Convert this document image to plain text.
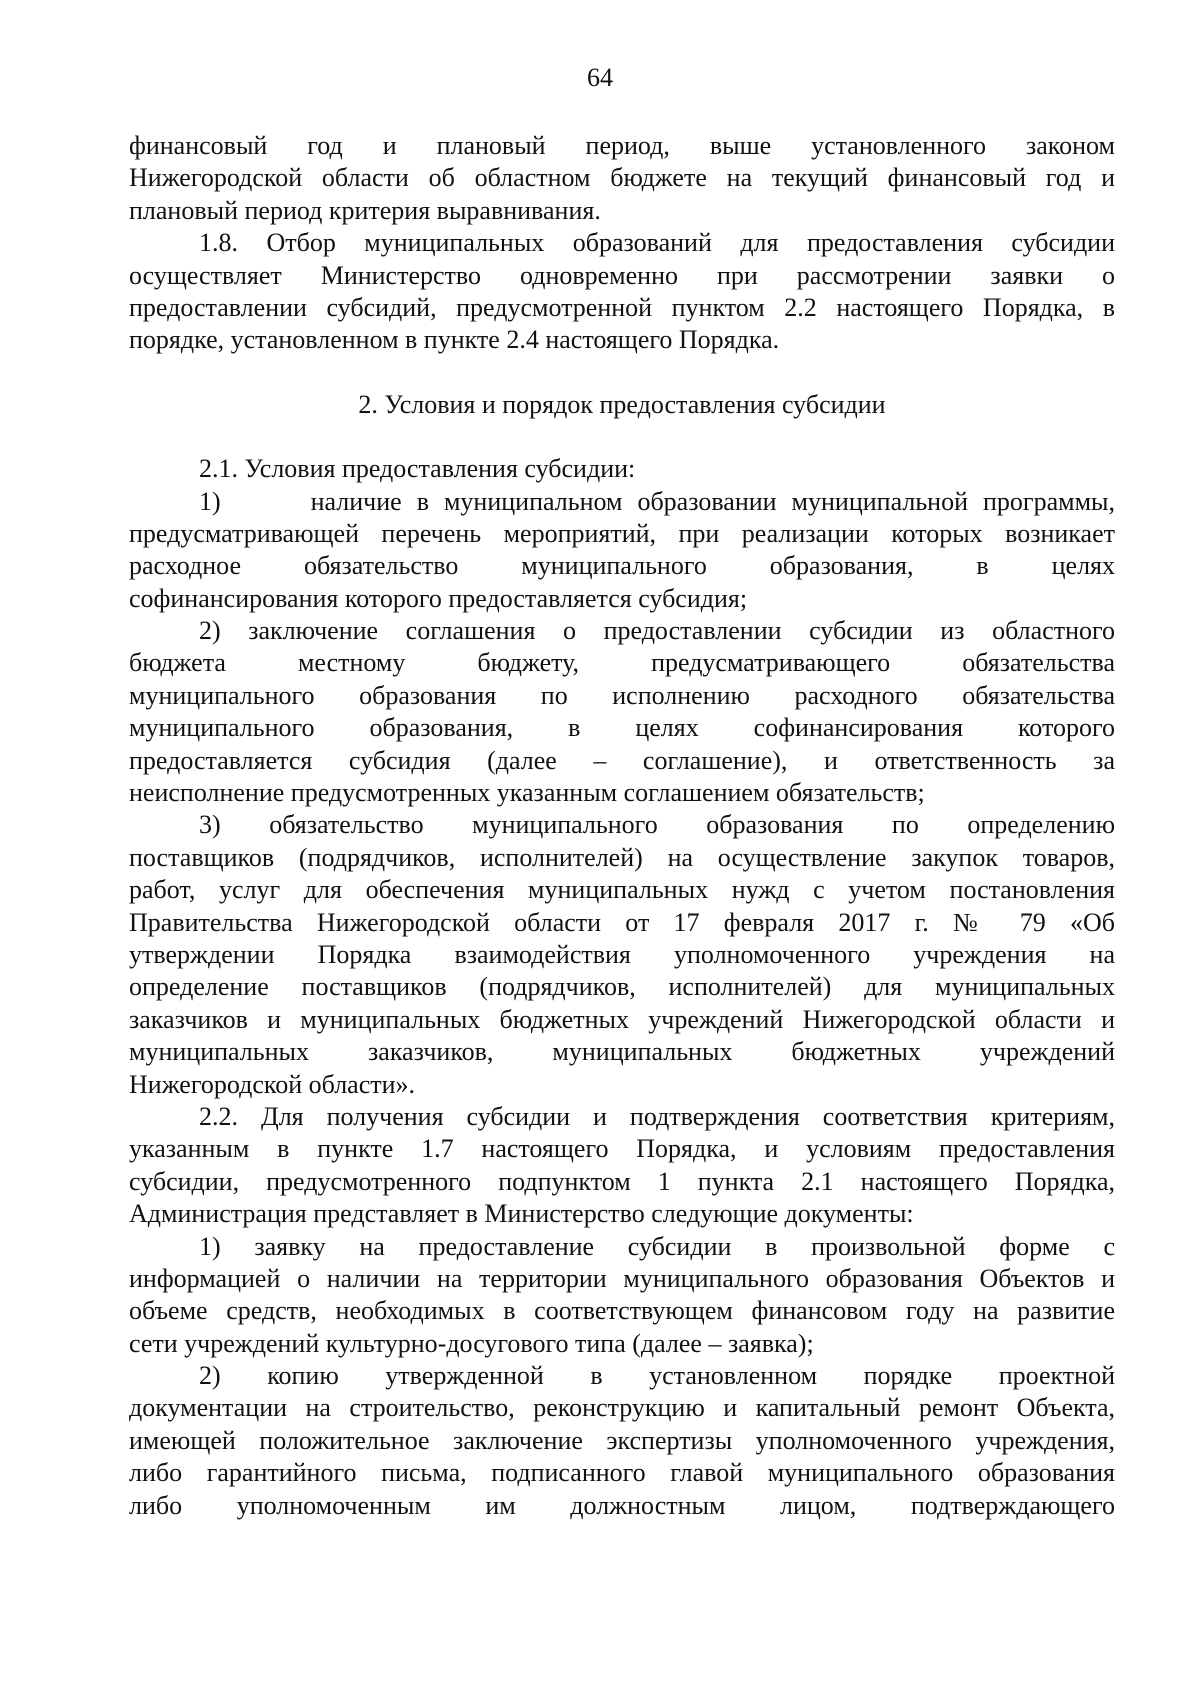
64
финансовый год и плановый период, выше установленного законом
Нижегородской области об областном бюджете на текущий финансовый год и
плановый период критерия выравнивания.
1.8. Отбор муниципальных образований для предоставления субсидии
осуществляет Министерство одновременно при рассмотрении заявки о
предоставлении субсидий, предусмотренной пунктом 2.2 настоящего Порядка, в
порядке, установленном в пункте 2.4 настоящего Порядка.
2. Условия и порядок предоставления субсидии
2.1. Условия предоставления субсидии:
1)      наличие в муниципальном образовании муниципальной программы,
предусматривающей перечень мероприятий, при реализации которых возникает
расходное обязательство муниципального образования, в целях
софинансирования которого предоставляется субсидия;
2) заключение соглашения о предоставлении субсидии из областного
бюджета местному бюджету, предусматривающего обязательства
муниципального образования по исполнению расходного обязательства
муниципального образования, в целях софинансирования которого
предоставляется субсидия (далее – соглашение), и ответственность за
неисполнение предусмотренных указанным соглашением обязательств;
3) обязательство муниципального образования по определению
поставщиков (подрядчиков, исполнителей) на осуществление закупок товаров,
работ, услуг для обеспечения муниципальных нужд с учетом постановления
Правительства Нижегородской области от 17 февраля 2017 г. № 79 «Об
утверждении Порядка взаимодействия уполномоченного учреждения на
определение поставщиков (подрядчиков, исполнителей) для муниципальных
заказчиков и муниципальных бюджетных учреждений Нижегородской области и
муниципальных заказчиков, муниципальных бюджетных учреждений
Нижегородской области».
2.2. Для получения субсидии и подтверждения соответствия критериям,
указанным в пункте 1.7 настоящего Порядка, и условиям предоставления
субсидии, предусмотренного подпунктом 1 пункта 2.1 настоящего Порядка,
Администрация представляет в Министерство следующие документы:
1) заявку на предоставление субсидии в произвольной форме с
информацией о наличии на территории муниципального образования Объектов и
объеме средств, необходимых в соответствующем финансовом году на развитие
сети учреждений культурно-досугового типа (далее – заявка);
2) копию утвержденной в установленном порядке проектной
документации на строительство, реконструкцию и капитальный ремонт Объекта,
имеющей положительное заключение экспертизы уполномоченного учреждения,
либо гарантийного письма, подписанного главой муниципального образования
либо уполномоченным им должностным лицом, подтверждающего
